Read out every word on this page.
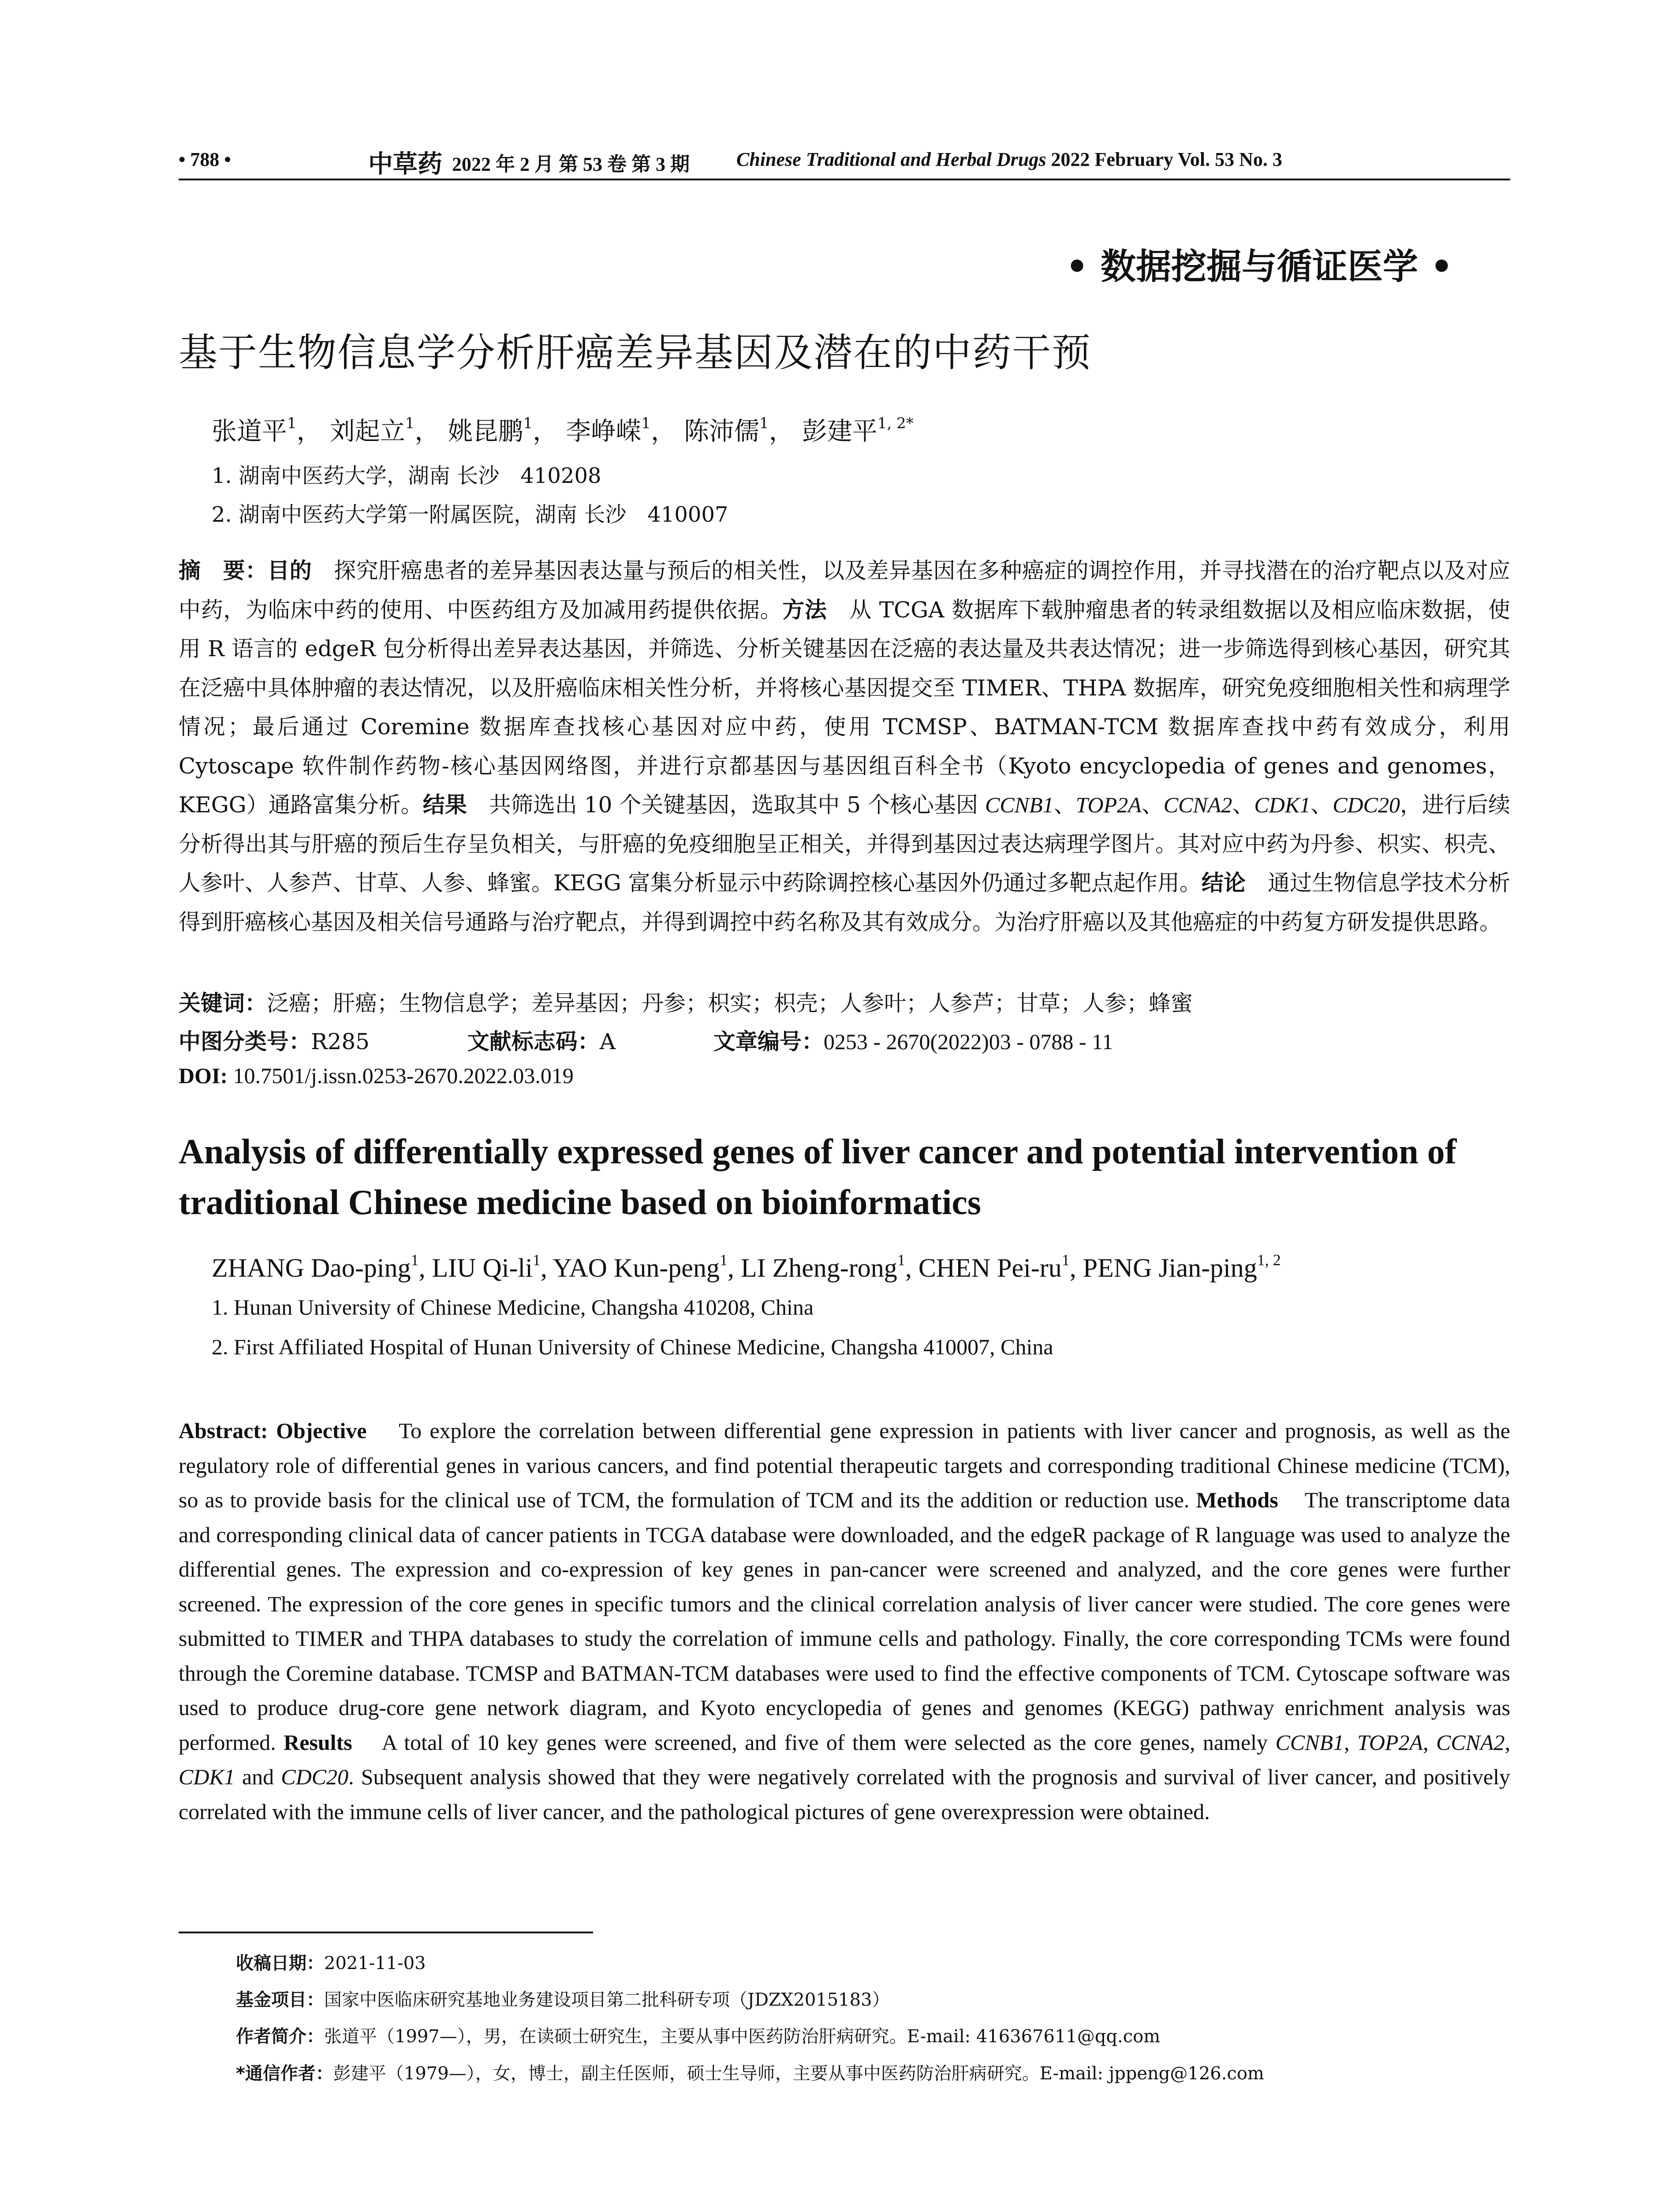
• 788 •	中草药 2022 年 2 月 第 53 卷 第 3 期 Chinese Traditional and Herbal Drugs 2022 February Vol. 53 No. 3
• 数据挖掘与循证医学 •
基于生物信息学分析肝癌差异基因及潜在的中药干预
张道平$^1$， 刘起立$^1$， 姚昆鹏$^1$， 李峥嵘$^1$， 陈沛儒$^1$， 彭建平$^{1, 2*}$
1. 湖南中医药大学，湖南 长沙　410208
2. 湖南中医药大学第一附属医院，湖南 长沙　410007
摘　要：目的　 探究肝癌患者的差异基因表达量与预后的相关性，以及差异基因在多种癌症的调控作用，并寻找潜在的治疗靶点以及对应中药，为临床中药的使用、中医药组方及加减用药提供依据。方法　 从 TCGA 数据库下载肿瘤患者的转录组数据以及相应临床数据，使用 R 语言的 edgeR 包分析得出差异表达基因，并筛选、分析关键基因在泛癌的表达量及共表达情况；进一步筛选得到核心基因，研究其在泛癌中具体肿瘤的表达情况，以及肝癌临床相关性分析，并将核心基因提交至 TIMER、THPA 数据库，研究免疫细胞相关性和病理学情况；最后通过 Coremine 数据库查找核心基因对应中药，使用 TCMSP、BATMAN-TCM 数据库查找中药有效成分，利用 Cytoscape 软件制作药物-核心基因网络图，并进行京都基因与基因组百科全书（Kyoto encyclopedia of genes and genomes，KEGG）通路富集分析。结果　 共筛选出 10 个关键基因，选取其中 5 个核心基因 CCNB1、TOP2A、CCNA2、CDK1、CDC20，进行后续分析得出其与肝癌的预后生存呈负相关，与肝癌的免疫细胞呈正相关，并得到基因过表达病理学图片。其对应中药为丹参、枳实、枳壳、人参叶、人参芦、甘草、人参、蜂蜜。KEGG 富集分析显示中药除调控核心基因外仍通过多靶点起作用。结论　 通过生物信息学技术分析得到肝癌核心基因及相关信号通路与治疗靶点，并得到调控中药名称及其有效成分。为治疗肝癌以及其他癌症的中药复方研发提供思路。
关键词：泛癌；肝癌；生物信息学；差异基因；丹参；枳实；枳壳；人参叶；人参芦；甘草；人参；蜂蜜
中图分类号：R285	文献标志码：A	文章编号：0253 - 2670(2022)03 - 0788 - 11
DOI: 10.7501/j.issn.0253-2670.2022.03.019
Analysis of differentially expressed genes of liver cancer and potential intervention of traditional Chinese medicine based on bioinformatics
ZHANG Dao-ping$^1$, LIU $Qi-li^1$, YAO Kun-peng$^1$, LI Zheng-rong$^1$, CHEN Pei-$ru^1$, PENG Jian-ping$^{1, 2}$
1. Hunan University of Chinese Medicine, Changsha 410208, China
2. First Affiliated Hospital of Hunan University of Chinese Medicine, Changsha 410007, China
Abstract: Objective To explore the correlation between differential gene expression in patients with liver cancer and prognosis, as well as the regulatory role of differential genes in various cancers, and find potential therapeutic targets and corresponding traditional Chinese medicine (TCM), so as to provide basis for the clinical use of TCM, the formulation of TCM and its the addition or reduction use. Methods The transcriptome data and corresponding clinical data of cancer patients in TCGA database were downloaded, and the edgeR package of R language was used to analyze the differential genes. The expression and co-expression of key genes in pan-cancer were screened and analyzed, and the core genes were further screened. The expression of the core genes in specific tumors and the clinical correlation analysis of liver cancer were studied. The core genes were submitted to TIMER and THPA databases to study the correlation of immune cells and pathology. Finally, the core corresponding TCMs were found through the Coremine database. TCMSP and BATMAN-TCM databases were used to find the effective components of TCM. Cytoscape software was used to produce drug-core gene network diagram, and Kyoto encyclopedia of genes and genomes (KEGG) pathway enrichment analysis was performed. Results A total of 10 key genes were screened, and five of them were selected as the core genes, namely CCNB1, TOP2A, CCNA2, CDK1 and CDC20. Subsequent analysis showed that they were negatively correlated with the prognosis and survival of liver cancer, and positively correlated with the immune cells of liver cancer, and the pathological pictures of gene overexpression were obtained.
收稿日期：2021-11-03
基金项目：国家中医临床研究基地业务建设项目第二批科研专项（JDZX2015183）
作者简介：张道平（1997—），男，在读硕士研究生，主要从事中医药防治肝病研究。E-mail: 416367611@qq.com
*通信作者：彭建平（1979—），女，博士，副主任医师，硕士生导师，主要从事中医药防治肝病研究。E-mail: jppeng@126.com
